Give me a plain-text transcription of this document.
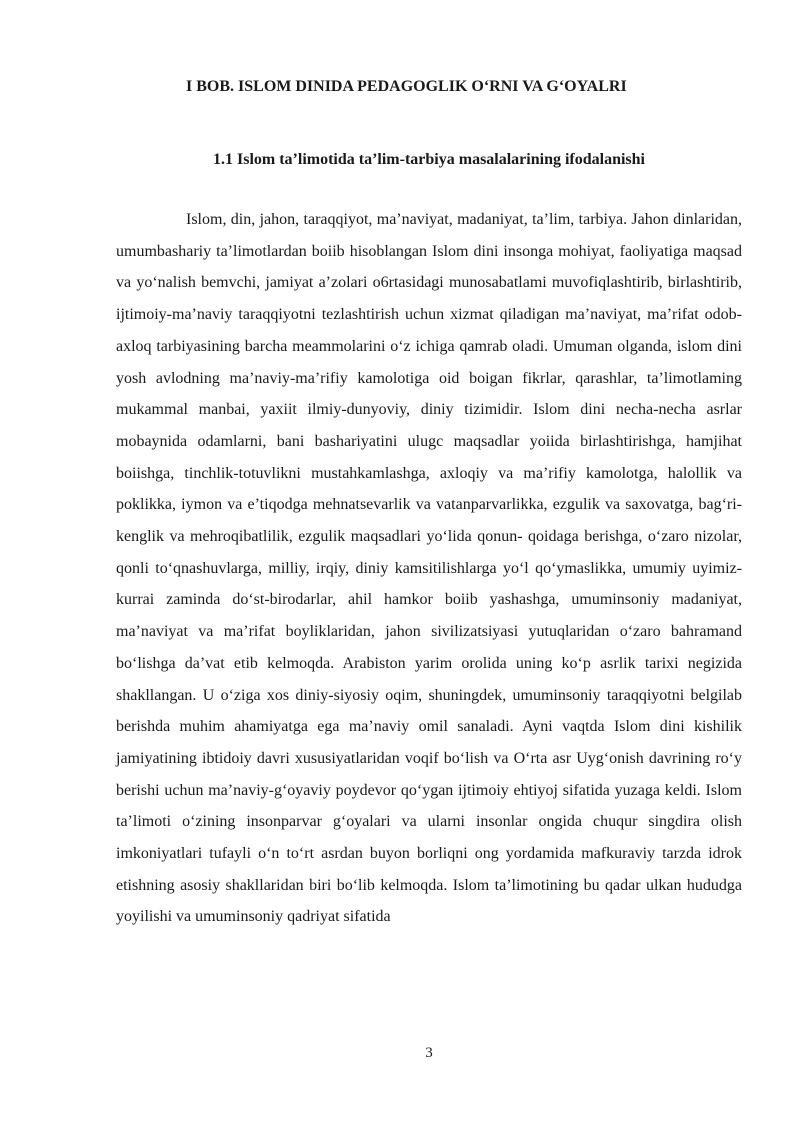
I BOB. ISLOM DINIDA PEDAGOGLIK O‘RNI VA G‘OYALRI
1.1 Islom ta’limotida ta’lim-tarbiya masalalarining ifodalanishi

Islom, din, jahon, taraqqiyot, ma’naviyat, madaniyat, ta’lim, tarbiya. Jahon dinlaridan, umumbashariy ta’limotlardan boiib hisoblangan Islom dini insonga mohiyat, faoliyatiga maqsad va yo‘nalish bemvchi, jamiyat a’zolari o6rtasidagi munosabatlami muvofiqlashtirib, birlashtirib, ijtimoiy-ma’naviy taraqqiyotni tezlashtirish uchun xizmat qiladigan ma’naviyat, ma’rifat odob-axloq tarbiyasining barcha meammolarini o‘z ichiga qamrab oladi. Umuman olganda, islom dini yosh avlodning ma’naviy-ma’rifiy kamolotiga oid boigan fikrlar, qarashlar, ta’limotlaming mukammal manbai, yaxiit ilmiy-dunyoviy, diniy tizimidir. Islom dini necha-necha asrlar mobaynida odamlarni, bani bashariyatini ulugc maqsadlar yoiida birlashtirishga, hamjihat boiishga, tinchlik-totuvlikni mustahkamlashga, axloqiy va ma’rifiy kamolotga, halollik va poklikka, iymon va e’tiqodga mehnatsevarlik va vatanparvarlikka, ezgulik va saxovatga, bag‘ri-kenglik va mehroqibatlilik, ezgulik maqsadlari yo‘lida qonun- qoidaga berishga, o‘zaro nizolar, qonli to‘qnashuvlarga, milliy, irqiy, diniy kamsitilishlarga yo‘l qo‘ymaslikka, umumiy uyimiz-kurrai zaminda do‘st-birodarlar, ahil hamkor boiib yashashga, umuminsoniy madaniyat, ma’naviyat va ma’rifat boyliklaridan, jahon sivilizatsiyasi yutuqlaridan o‘zaro bahramand bo‘lishga da’vat etib kelmoqda. Arabiston yarim orolida uning ko‘p asrlik tarixi negizida shakllangan. U o‘ziga xos diniy-siyosiy oqim, shuningdek, umuminsoniy taraqqiyotni belgilab berishda muhim ahamiyatga ega ma’naviy omil sanaladi. Ayni vaqtda Islom dini kishilik jamiyatining ibtidoiy davri xususiyatlaridan voqif bo‘lish va O‘rta asr Uyg‘onish davrining ro‘y berishi uchun ma’naviy-g‘oyaviy poydevor qo‘ygan ijtimoiy ehtiyoj sifatida yuzaga keldi. Islom ta’limoti o‘zining insonparvar g‘oyalari va ularni insonlar ongida chuqur singdira olish imkoniyatlari tufayli o‘n to‘rt asrdan buyon borliqni ong yordamida mafkuraviy tarzda idrok etishning asosiy shakllaridan biri bo‘lib kelmoqda. Islom ta’limotining bu qadar ulkan hududga yoyilishi va umuminsoniy qadriyat sifatida

3
